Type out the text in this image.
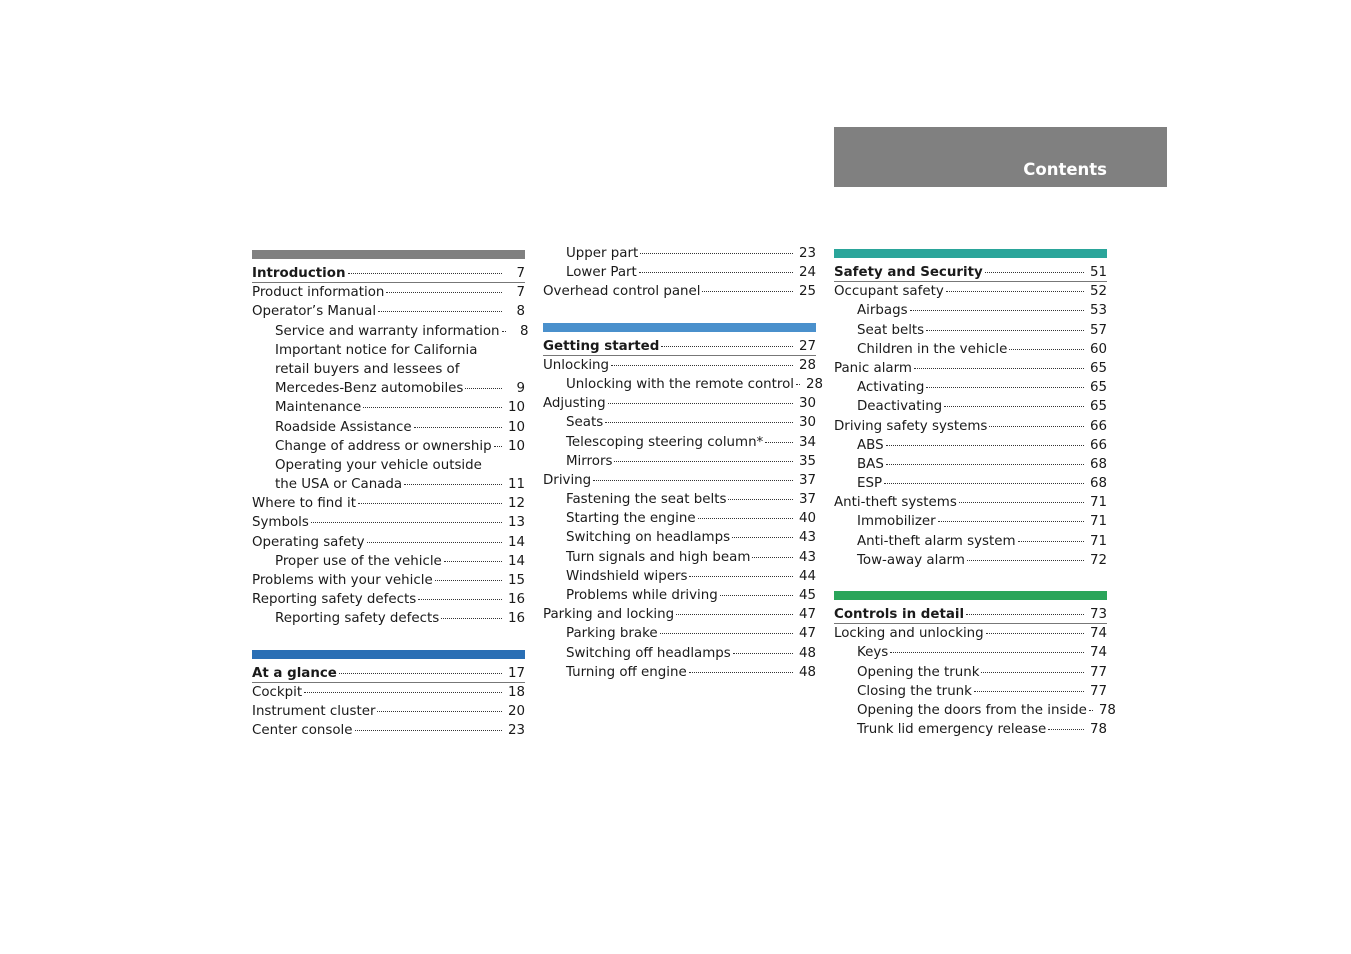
Contents
Introduction	7
Product information	7
Operator’s Manual	8
Service and warranty information	8
Important notice for California
retail buyers and lessees of
Mercedes-Benz automobiles	9
Maintenance	10
Roadside Assistance	10
Change of address or ownership 10
Operating your vehicle outside
the USA or Canada	11
Where to find it	12
Symbols	13
Operating safety	14
Proper use of the vehicle	14
Problems with your vehicle	15
Reporting safety defects	16
Reporting safety defects	16
At a glance	17
Cockpit	18
Instrument cluster	20
Center console	23
Upper part	23
Lower Part	24
Overhead control panel	25
Getting started	27
Unlocking	28
Unlocking with the remote control 28
Adjusting	30
Seats	30
Telescoping steering column*	34
Mirrors	35
Driving	37
Fastening the seat belts	37
Starting the engine	40
Switching on headlamps	43
Turn signals and high beam	43
Windshield wipers	44
Problems while driving	45
Parking and locking	47
Parking brake	47
Switching off headlamps	48
Turning off engine	48
Safety and Security	51
Occupant safety	52
Airbags	53
Seat belts	57
Children in the vehicle	60
Panic alarm	65
Activating	65
Deactivating	65
Driving safety systems	66
ABS	66
BAS	68
ESP	68
Anti-theft systems	71
Immobilizer	71
Anti-theft alarm system	71
Tow-away alarm	72
Controls in detail	73
Locking and unlocking	74
Keys	74
Opening the trunk	77
Closing the trunk	77
Opening the doors from the inside 78
Trunk lid emergency release	78
